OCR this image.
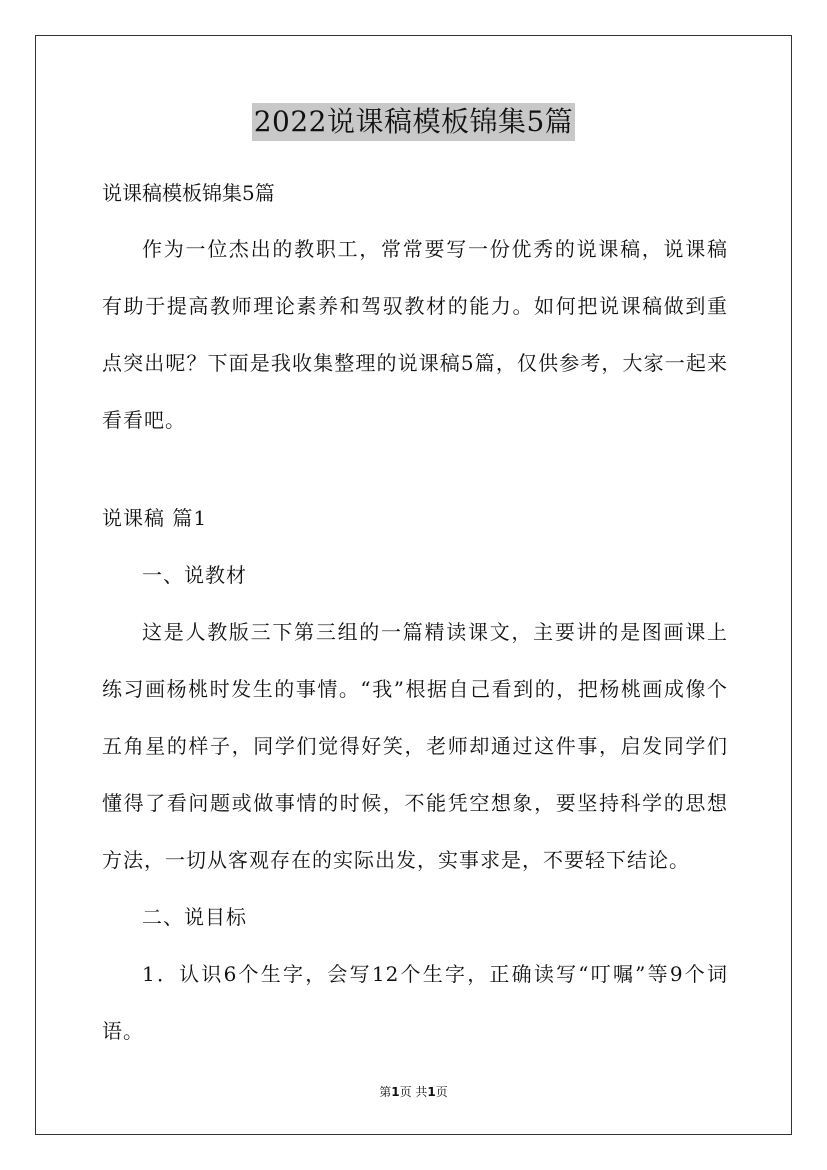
2022说课稿模板锦集5篇

说课稿模板锦集5篇

作为一位杰出的教职工，常常要写一份优秀的说课稿，说课稿有助于提高教师理论素养和驾驭教材的能力。如何把说课稿做到重点突出呢？下面是我收集整理的说课稿5篇，仅供参考，大家一起来看看吧。

说课稿 篇1

一、说教材

这是人教版三下第三组的一篇精读课文，主要讲的是图画课上练习画杨桃时发生的事情。“我”根据自己看到的，把杨桃画成像个五角星的样子，同学们觉得好笑，老师却通过这件事，启发同学们懂得了看问题或做事情的时候，不能凭空想象，要坚持科学的思想方法，一切从客观存在的实际出发，实事求是，不要轻下结论。

二、说目标

1．认识6个生字，会写12个生字，正确读写“叮嘱”等9个词语。

第1页 共1页
